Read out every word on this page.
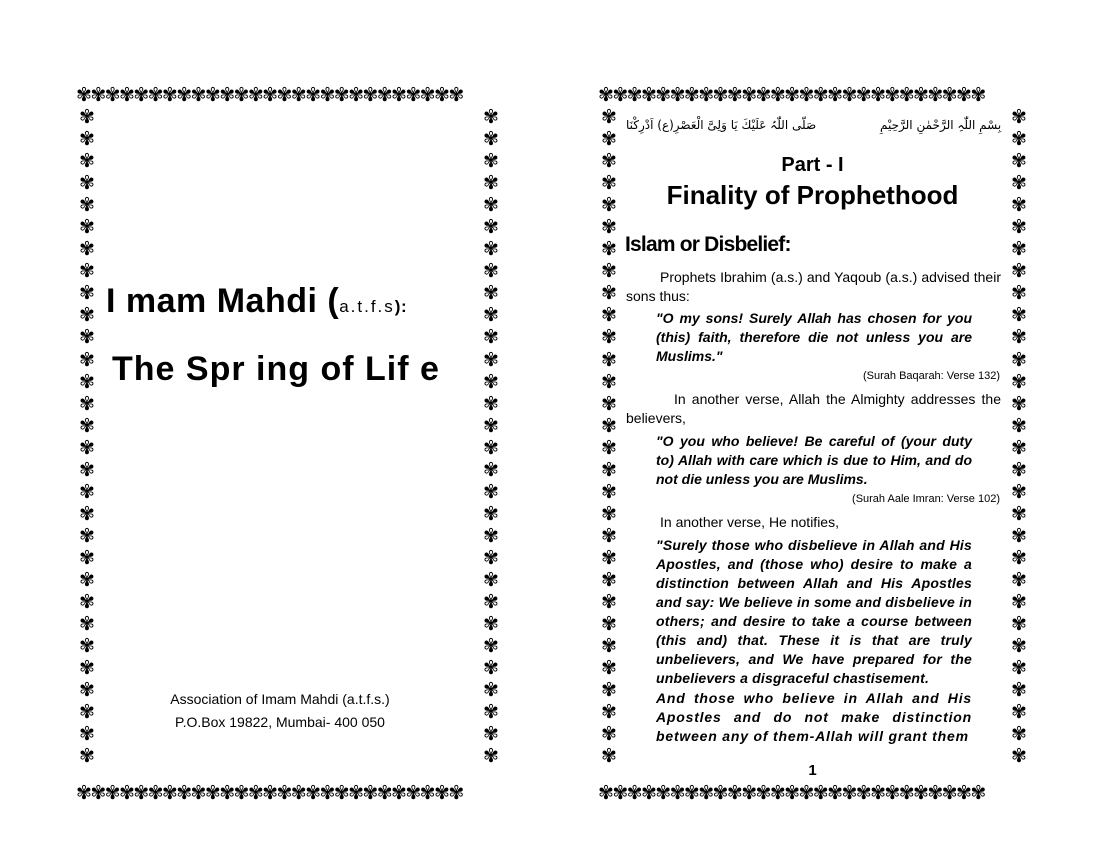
✾✾✾✾✾✾✾✾✾✾✾✾✾✾✾✾✾✾✾✾✾✾✾✾✾✾✾
✾✾✾✾✾✾✾✾✾✾✾✾✾✾✾✾✾✾✾✾✾✾✾✾✾✾✾
✾
✾
✾
✾
✾
✾
✾
✾
✾
✾
✾
✾
✾
✾
✾
✾
✾
✾
✾
✾
✾
✾
✾
✾
✾
✾
✾
✾
✾
✾
✾
✾
✾
✾
✾
✾
✾
✾
✾
✾
✾
✾
✾
✾
✾
✾
✾
✾
✾
✾
✾
✾
✾
✾
✾
✾
✾
✾
✾
✾
I mam Mahdi (a.t.f.s):
The Spr ing of Lif e
Association of Imam Mahdi (a.t.f.s.)
P.O.Box 19822, Mumbai- 400 050
✾✾✾✾✾✾✾✾✾✾✾✾✾✾✾✾✾✾✾✾✾✾✾✾✾✾✾
✾✾✾✾✾✾✾✾✾✾✾✾✾✾✾✾✾✾✾✾✾✾✾✾✾✾✾
✾
✾
✾
✾
✾
✾
✾
✾
✾
✾
✾
✾
✾
✾
✾
✾
✾
✾
✾
✾
✾
✾
✾
✾
✾
✾
✾
✾
✾
✾
✾
✾
✾
✾
✾
✾
✾
✾
✾
✾
✾
✾
✾
✾
✾
✾
✾
✾
✾
✾
✾
✾
✾
✾
✾
✾
✾
✾
✾
✾
صَلّی اللّٰہُ عَلَیْكَ یَا وَلِیَّ الْعَصْرِ(ع) اَدْرِكْنَا	بِسْمِ اللّٰہِ الرَّحْمٰنِ الرَّحِیْمِ
Part - I
Finality of Prophethood
Islam or Disbelief:
Prophets Ibrahim (a.s.) and Yaqoub (a.s.) advised their sons thus:
"O my sons! Surely Allah has chosen for you (this) faith, therefore die not unless you are Muslims."
(Surah Baqarah: Verse 132)
In another verse, Allah the Almighty addresses the believers,
"O you who believe! Be careful of (your duty to) Allah with care which is due to Him, and do not die unless you are Muslims.
(Surah Aale Imran: Verse 102)
In another verse, He notifies,
"Surely those who disbelieve in Allah and His Apostles, and (those who) desire to make a distinction between Allah and His Apostles and say: We believe in some and disbelieve in others; and desire to take a course between (this and) that. These it is that are truly unbelievers, and We have prepared for the unbelievers a disgraceful chastisement.
And those who believe in Allah and His Apostles and do not make distinction between any of them-Allah will grant them
1
